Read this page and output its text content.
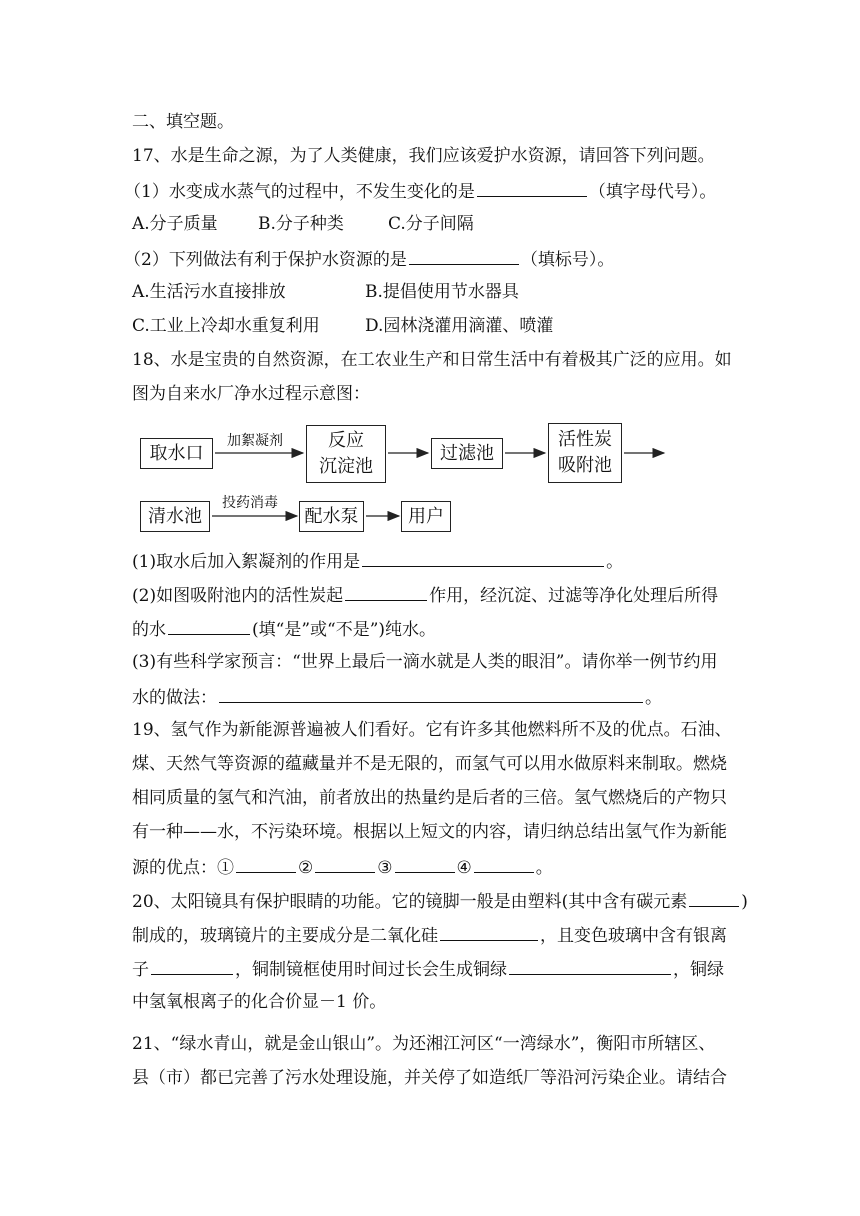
二、填空题。
17、水是生命之源，为了人类健康，我们应该爱护水资源，请回答下列问题。
（1）水变成水蒸气的过程中，不发生变化的是	（填字母代号）。
A.分子质量 B.分子种类	C.分子间隔
（2）下列做法有利于保护水资源的是	（填标号）。
A.生活污水直接排放	B.提倡使用节水器具
C.工业上冷却水重复利用	D.园林浇灌用滴灌、喷灌
18、水是宝贵的自然资源，在工农业生产和日常生活中有着极其广泛的应用。如
图为自来水厂净水过程示意图：
取水口
加絮凝剂	反应
沉淀池
过滤池
活性炭
吸附池
清水池
投药消毒
配水泵	用户
(1)取水后加入絮凝剂的作用是	。
(2)如图吸附池内的活性炭起	作用，经沉淀、过滤等净化处理后所得
的水	(填“是”或“不是”)纯水。
(3)有些科学家预言：“世界上最后一滴水就是人类的眼泪”。请你举一例节约用
水的做法：	。
19、氢气作为新能源普遍被人们看好。它有许多其他燃料所不及的优点。石油、
煤、天然气等资源的蕴藏量并不是无限的，而氢气可以用水做原料来制取。燃烧
相同质量的氢气和汽油，前者放出的热量约是后者的三倍。氢气燃烧后的产物只
有一种——水，不污染环境。根据以上短文的内容，请归纳总结出氢气作为新能
源的优点：①	②	③	④	。
20、太阳镜具有保护眼睛的功能。它的镜脚一般是由塑料(其中含有碳元素	)
制成的，玻璃镜片的主要成分是二氧化硅	，且变色玻璃中含有银离
子	，铜制镜框使用时间过长会生成铜绿	，铜绿
中氢氧根离子的化合价显－1 价。
21、“绿水青山，就是金山银山”。为还湘江河区“一湾绿水”，衡阳市所辖区、
县（市）都已完善了污水处理设施，并关停了如造纸厂等沿河污染企业。请结合
